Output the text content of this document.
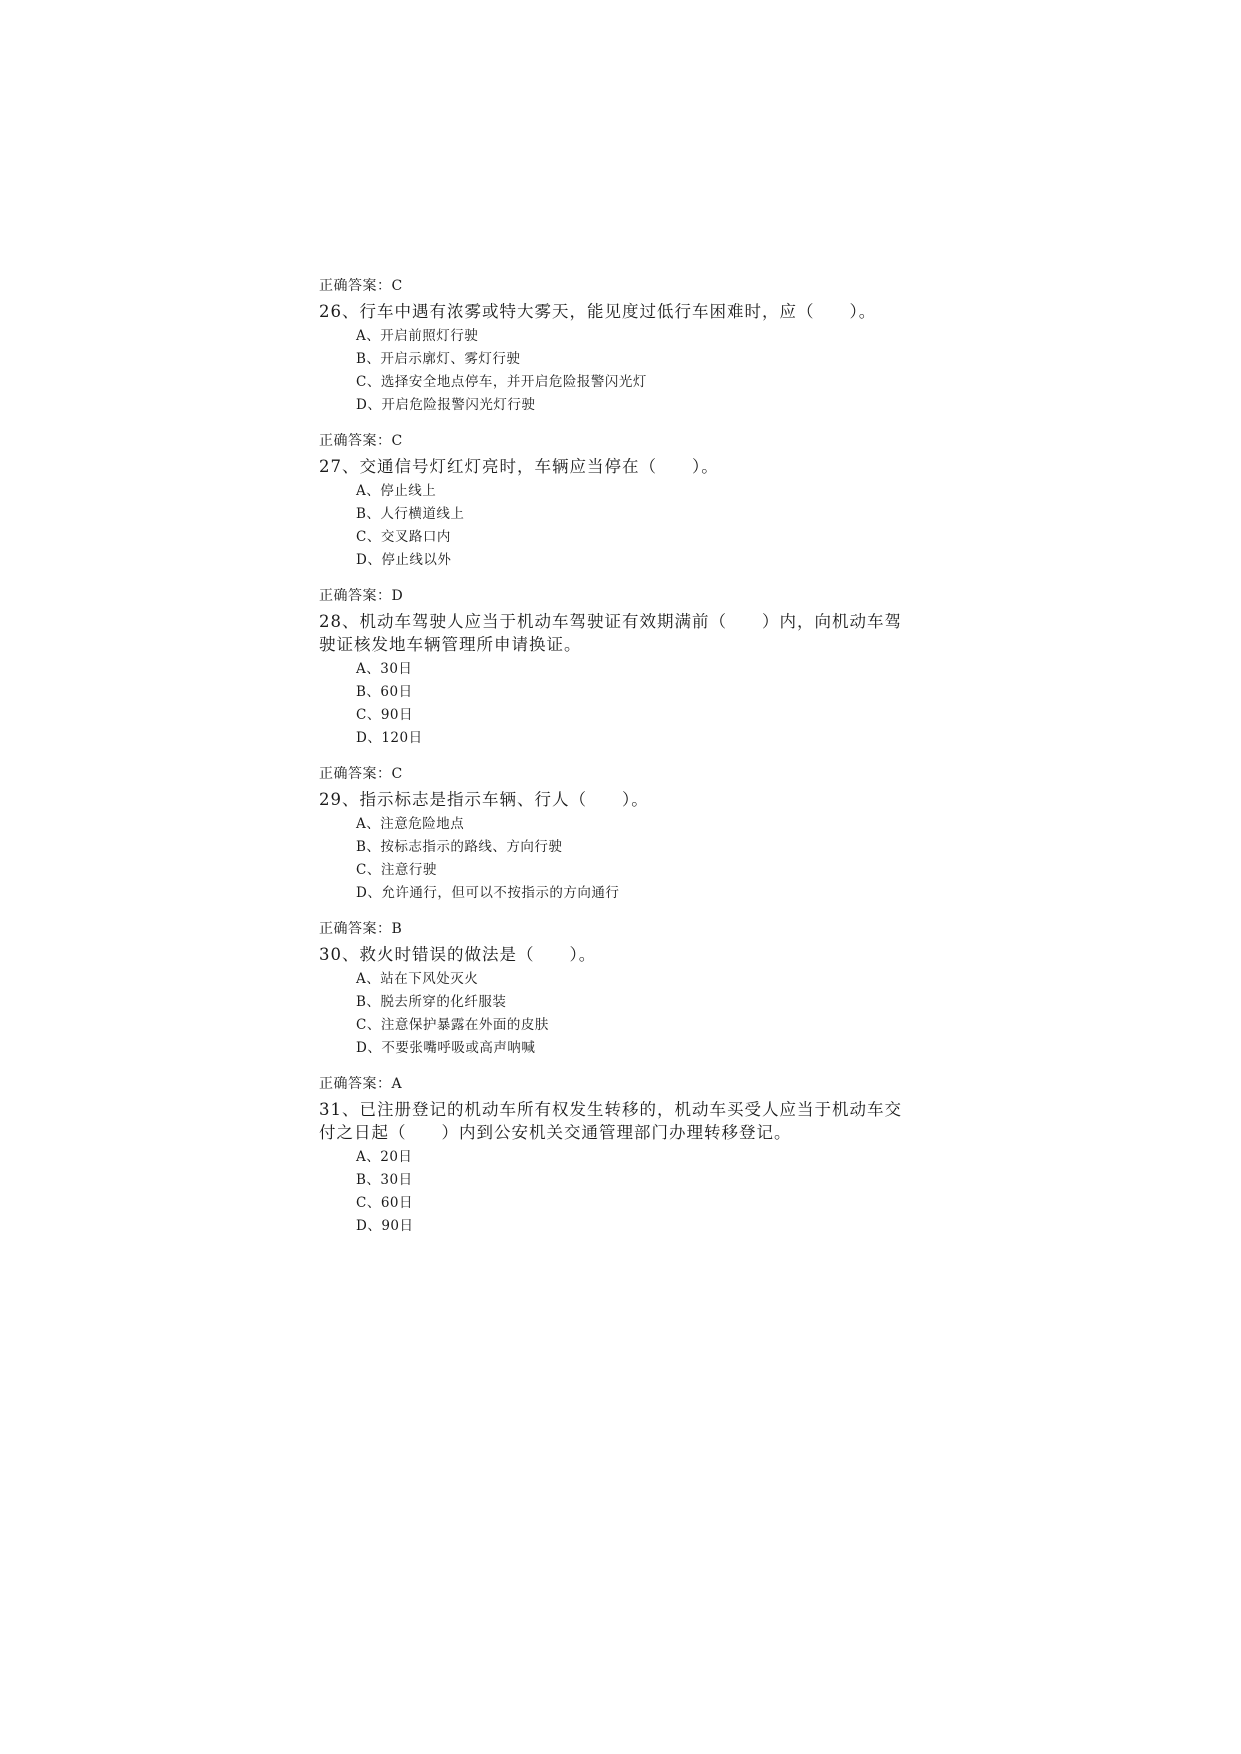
正确答案：C

26、行车中遇有浓雾或特大雾天，能见度过低行车困难时，应（　　）。

A、开启前照灯行驶
B、开启示廓灯、雾灯行驶
C、选择安全地点停车，并开启危险报警闪光灯
D、开启危险报警闪光灯行驶

正确答案：C

27、交通信号灯红灯亮时，车辆应当停在（　　）。

A、停止线上
B、人行横道线上
C、交叉路口内
D、停止线以外

正确答案：D

28、机动车驾驶人应当于机动车驾驶证有效期满前（　　）内，向机动车驾驶证核发地车辆管理所申请换证。

A、30日
B、60日
C、90日
D、120日

正确答案：C

29、指示标志是指示车辆、行人（　　）。

A、注意危险地点
B、按标志指示的路线、方向行驶
C、注意行驶
D、允许通行，但可以不按指示的方向通行

正确答案：B

30、救火时错误的做法是（　　）。

A、站在下风处灭火
B、脱去所穿的化纤服装
C、注意保护暴露在外面的皮肤
D、不要张嘴呼吸或高声呐喊

正确答案：A

31、已注册登记的机动车所有权发生转移的，机动车买受人应当于机动车交付之日起（　　）内到公安机关交通管理部门办理转移登记。

A、20日
B、30日
C、60日
D、90日
